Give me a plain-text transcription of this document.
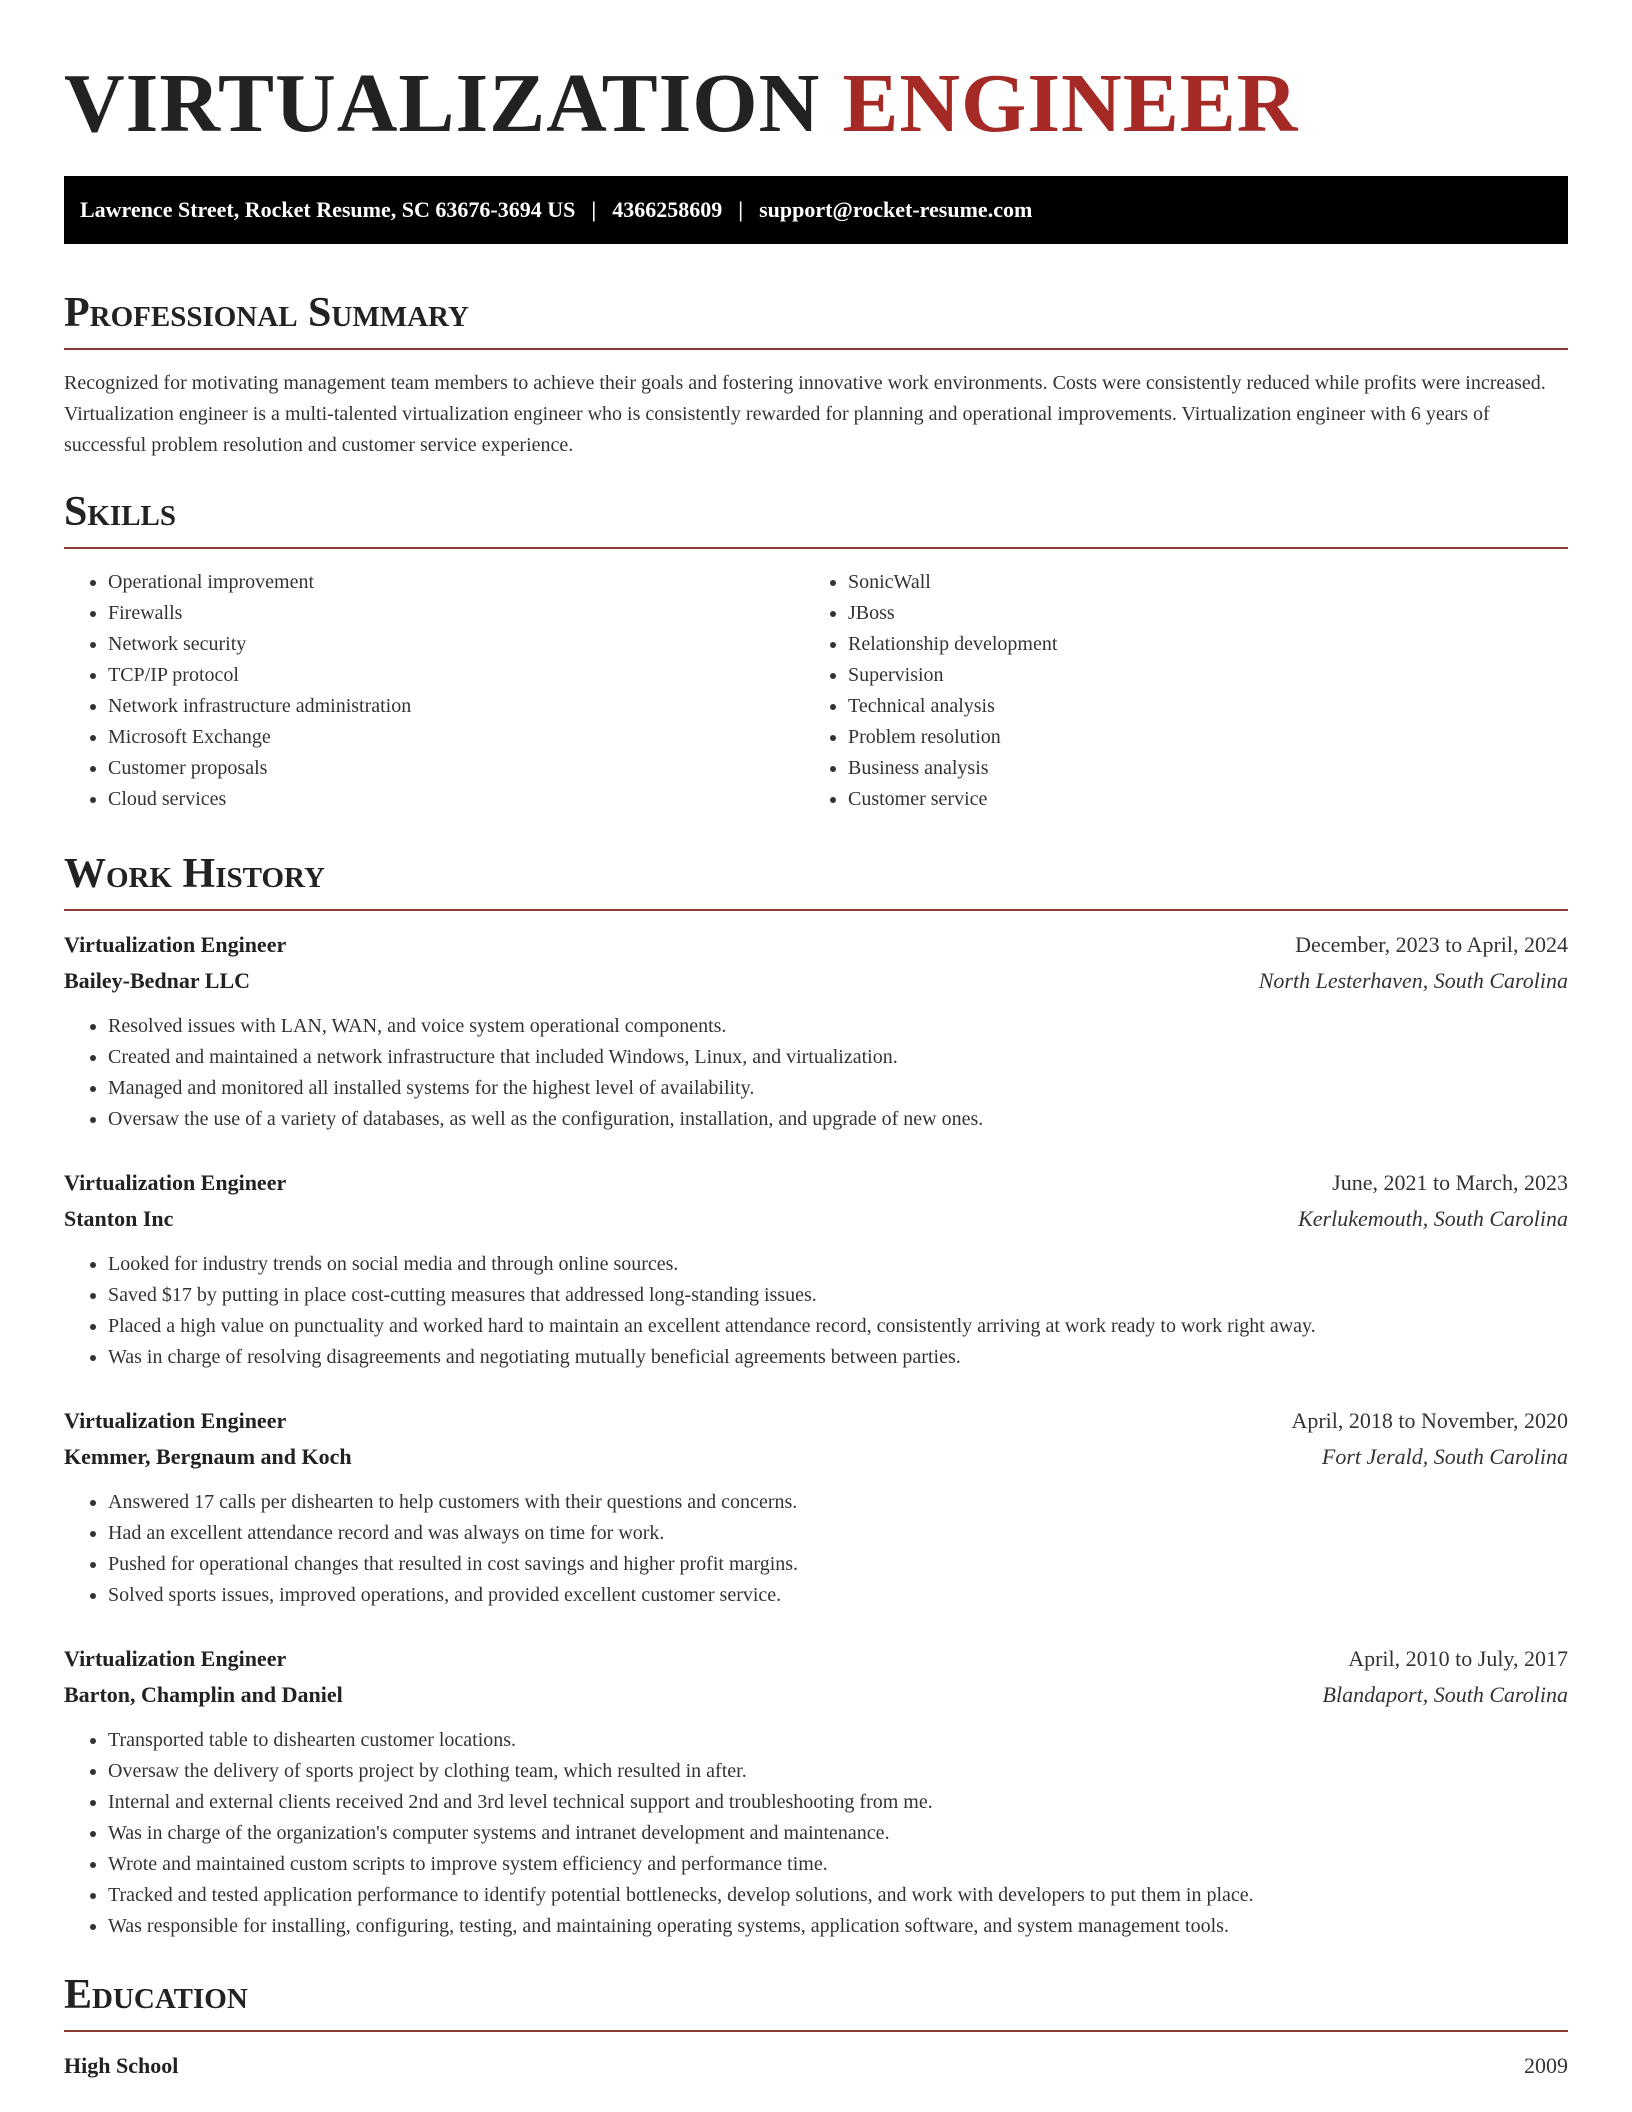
VIRTUALIZATION ENGINEER
Lawrence Street, Rocket Resume, SC 63676-3694 US | 4366258609 | support@rocket-resume.com
Professional Summary

Recognized for motivating management team members to achieve their goals and fostering innovative work environments. Costs were consistently reduced while profits were increased. Virtualization engineer is a multi-talented virtualization engineer who is consistently rewarded for planning and operational improvements. Virtualization engineer with 6 years of successful problem resolution and customer service experience.

Skills
• Operational improvement
• Firewalls
• Network security
• TCP/IP protocol
• Network infrastructure administration
• Microsoft Exchange
• Customer proposals
• Cloud services
• SonicWall
• JBoss
• Relationship development
• Supervision
• Technical analysis
• Problem resolution
• Business analysis
• Customer service
Work History
Virtualization Engineer	December, 2023 to April, 2024
Bailey-Bednar LLC	North Lesterhaven, South Carolina
• Resolved issues with LAN, WAN, and voice system operational components.
• Created and maintained a network infrastructure that included Windows, Linux, and virtualization.
• Managed and monitored all installed systems for the highest level of availability.
• Oversaw the use of a variety of databases, as well as the configuration, installation, and upgrade of new ones.
Virtualization Engineer	June, 2021 to March, 2023
Stanton Inc	Kerlukemouth, South Carolina
• Looked for industry trends on social media and through online sources.
• Saved $17 by putting in place cost-cutting measures that addressed long-standing issues.
• Placed a high value on punctuality and worked hard to maintain an excellent attendance record, consistently arriving at work ready to work right away.
• Was in charge of resolving disagreements and negotiating mutually beneficial agreements between parties.
Virtualization Engineer	April, 2018 to November, 2020
Kemmer, Bergnaum and Koch	Fort Jerald, South Carolina
• Answered 17 calls per dishearten to help customers with their questions and concerns.
• Had an excellent attendance record and was always on time for work.
• Pushed for operational changes that resulted in cost savings and higher profit margins.
• Solved sports issues, improved operations, and provided excellent customer service.
Virtualization Engineer	April, 2010 to July, 2017
Barton, Champlin and Daniel	Blandaport, South Carolina
• Transported table to dishearten customer locations.
• Oversaw the delivery of sports project by clothing team, which resulted in after.
• Internal and external clients received 2nd and 3rd level technical support and troubleshooting from me.
• Was in charge of the organization's computer systems and intranet development and maintenance.
• Wrote and maintained custom scripts to improve system efficiency and performance time.
• Tracked and tested application performance to identify potential bottlenecks, develop solutions, and work with developers to put them in place.
• Was responsible for installing, configuring, testing, and maintaining operating systems, application software, and system management tools.
Education
High School	2009
